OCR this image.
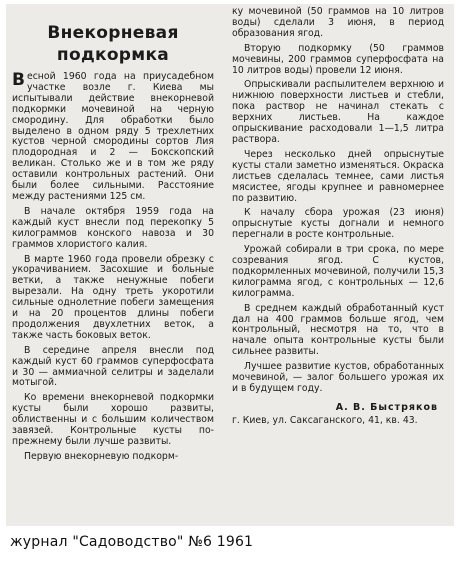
Внекорневая
подкормка

Весной 1960 года на приусадебном участке возле г. Киева мы испытывали действие внекорневой подкормки мочевиной на черную смородину. Для обработки было выделено в одном ряду 5 трехлетних кустов черной смородины сортов Лия плодородная и 2 — Бокскопский великан. Столько же и в том же ряду оставили контрольных растений. Они были более сильными. Расстояние между растениями 125 см.

В начале октября 1959 года на каждый куст внесли под перекопку 5 килограммов конского навоза и 30 граммов хлористого калия.

В марте 1960 года провели обрезку с укорачиванием. Засохшие и больные ветки, а также ненужные побеги вырезали. На одну треть укоротили сильные однолетние побеги замещения и на 20 процентов длины побеги продолжения двухлетних веток, а также часть боковых веток.

В середине апреля внесли под каждый куст 60 граммов суперфосфата и 30 — аммиачной селитры и заделали мотыгой.

Ко времени внекорневой подкормки кусты были хорошо развиты, облиственны и с большим количеством завязей. Контрольные кусты по-прежнему были лучше развиты.

Первую внекорневую подкорм-

ку мочевиной (50 граммов на 10 литров воды) сделали 3 июня, в период образования ягод.

Вторую подкормку (50 граммов мочевины, 200 граммов суперфосфата на 10 литров воды) провели 12 июня.

Опрыскивали распылителем верхнюю и нижнюю поверхности листьев и стебли, пока раствор не начинал стекать с верхних листьев. На каждое опрыскивание расходовали 1—1,5 литра раствора.

Через несколько дней опрыснутые кусты стали заметно изменяться. Окраска листьев сделалась темнее, сами листья мясистее, ягоды крупнее и равномернее по развитию.

К началу сбора урожая (23 июня) опрыснутые кусты догнали и немного перегнали в росте контрольные.

Урожай собирали в три срока, по мере созревания ягод. С кустов, подкормленных мочевиной, получили 15,3 килограмма ягод, с контрольных — 12,6 килограмма.

В среднем каждый обработанный куст дал на 400 граммов больше ягод, чем контрольный, несмотря на то, что в начале опыта контрольные кусты были сильнее развиты.

Лучшее развитие кустов, обработанных мочевиной, — залог большего урожая их и в будущем году.

А. В. Быстряков
г. Киев, ул. Саксаганского, 41, кв. 43.
журнал "Садоводство" №6 1961
